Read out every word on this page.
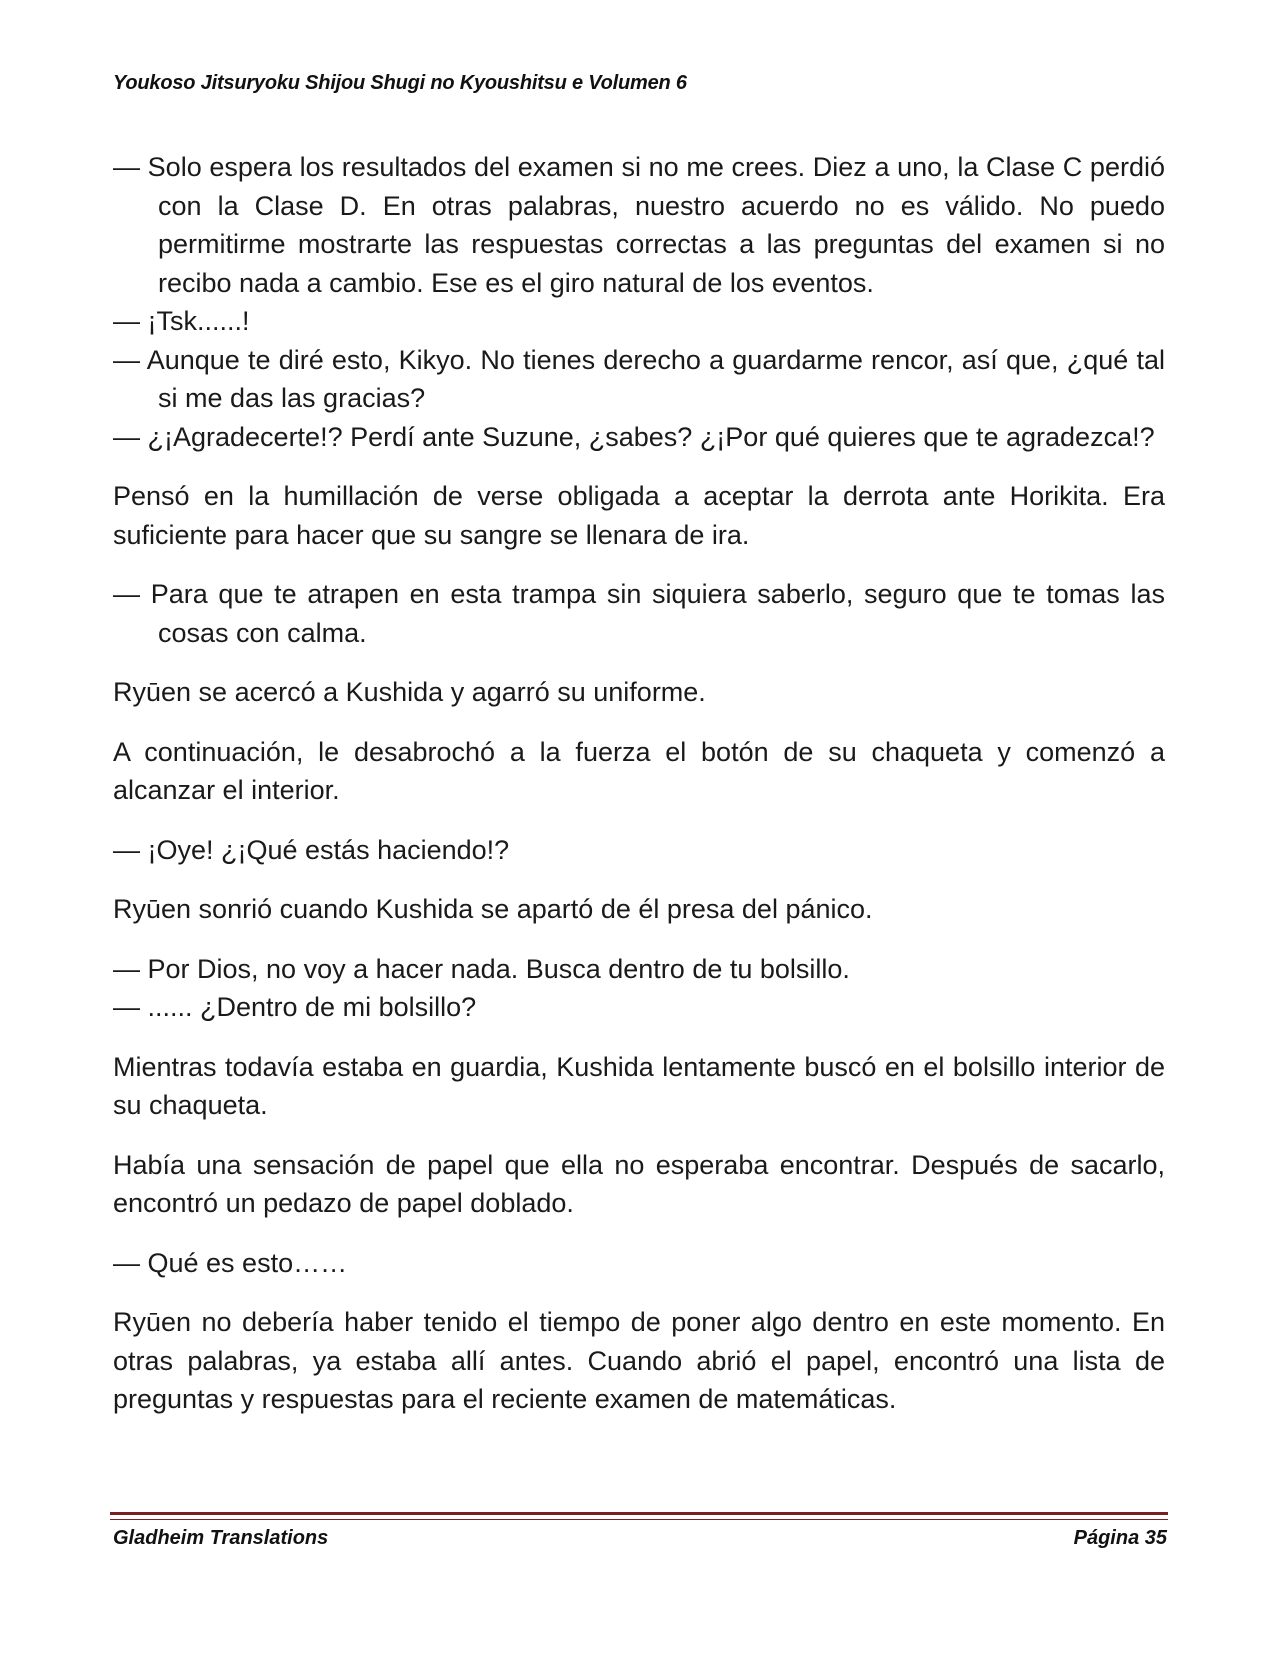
Youkoso Jitsuryoku Shijou Shugi no Kyoushitsu e Volumen 6

— Solo espera los resultados del examen si no me crees. Diez a uno, la Clase C perdió con la Clase D. En otras palabras, nuestro acuerdo no es válido. No puedo permitirme mostrarte las respuestas correctas a las preguntas del examen si no recibo nada a cambio. Ese es el giro natural de los eventos.

— ¡Tsk......!

— Aunque te diré esto, Kikyo. No tienes derecho a guardarme rencor, así que, ¿qué tal si me das las gracias?

— ¿¡Agradecerte!? Perdí ante Suzune, ¿sabes? ¿¡Por qué quieres que te agradezca!?

Pensó en la humillación de verse obligada a aceptar la derrota ante Horikita. Era suficiente para hacer que su sangre se llenara de ira.

— Para que te atrapen en esta trampa sin siquiera saberlo, seguro que te tomas las cosas con calma.

Ryūen se acercó a Kushida y agarró su uniforme.

A continuación, le desabrochó a la fuerza el botón de su chaqueta y comenzó a alcanzar el interior.

— ¡Oye! ¿¡Qué estás haciendo!?

Ryūen sonrió cuando Kushida se apartó de él presa del pánico.

— Por Dios, no voy a hacer nada. Busca dentro de tu bolsillo.

— ...... ¿Dentro de mi bolsillo?

Mientras todavía estaba en guardia, Kushida lentamente buscó en el bolsillo interior de su chaqueta.

Había una sensación de papel que ella no esperaba encontrar. Después de sacarlo, encontró un pedazo de papel doblado.

— Qué es esto……

Ryūen no debería haber tenido el tiempo de poner algo dentro en este momento. En otras palabras, ya estaba allí antes. Cuando abrió el papel, encontró una lista de preguntas y respuestas para el reciente examen de matemáticas.

Gladheim Translations	Página 35
